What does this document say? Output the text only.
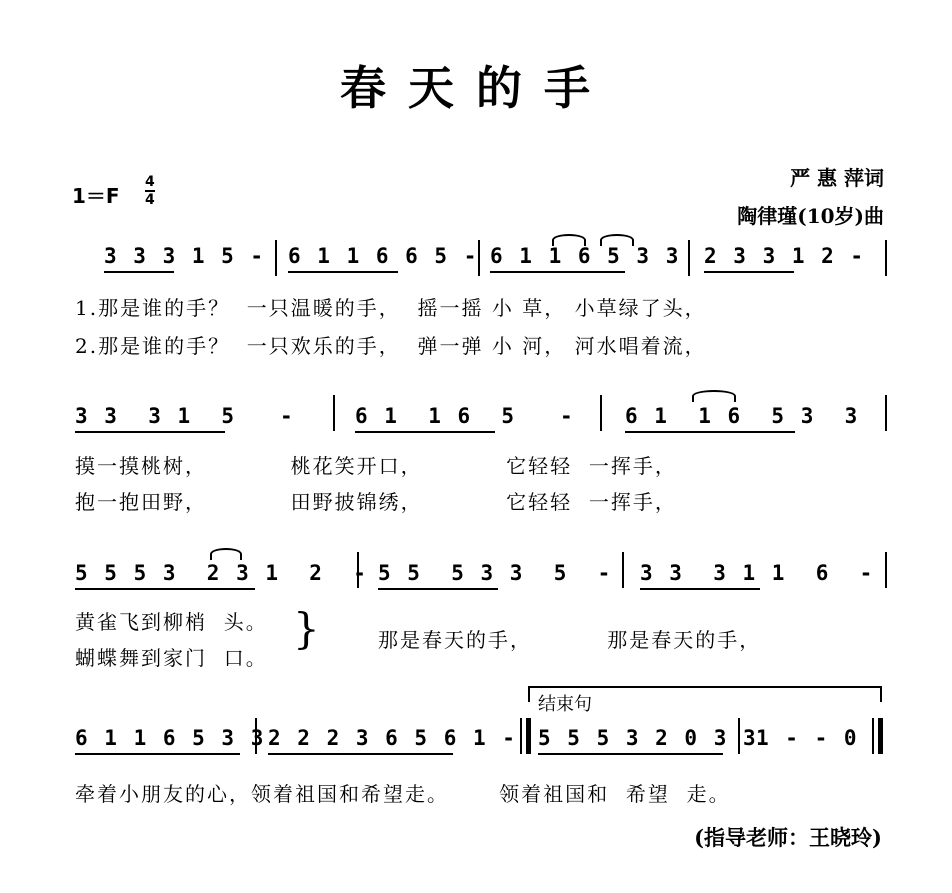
春天的手
1＝F
4
4
严 惠 萍词
陶律瑾(10岁)曲
3 3 3 1 5 - 6 1 1 6 6 5 - 6 1 1 6 5 3 3 2 3 3 1 2 -
1.那是谁的手？  一只温暖的手，  摇一摇 小 草， 小草绿了头，
2.那是谁的手？  一只欢乐的手，  弹一弹 小 河， 河水唱着流，
3 3  3 1  5   -	6 1  1 6  5   - 6 1  1 6  5 3  3
摸一摸桃树，          桃花笑开口，          它轻轻  一挥手，
抱一抱田野，          田野披锦绣，          它轻轻  一挥手，
5 5 5 3  2 3 1  2  - 5 5  5 3 3  5  - 3 3  3 1 1  6  -
黄雀飞到柳梢  头。
蝴蝶舞到家门  口。
}	那是春天的手，         那是春天的手，
结束句
6 1 1 6 5 3 3 2 2 2 3 6 5 6 1 - 5 5 5 3 2 0 3 3
1 - - 0
牵着小朋友的心，领着祖国和希望走。      领着祖国和  希望  走。
(指导老师：王晓玲)
